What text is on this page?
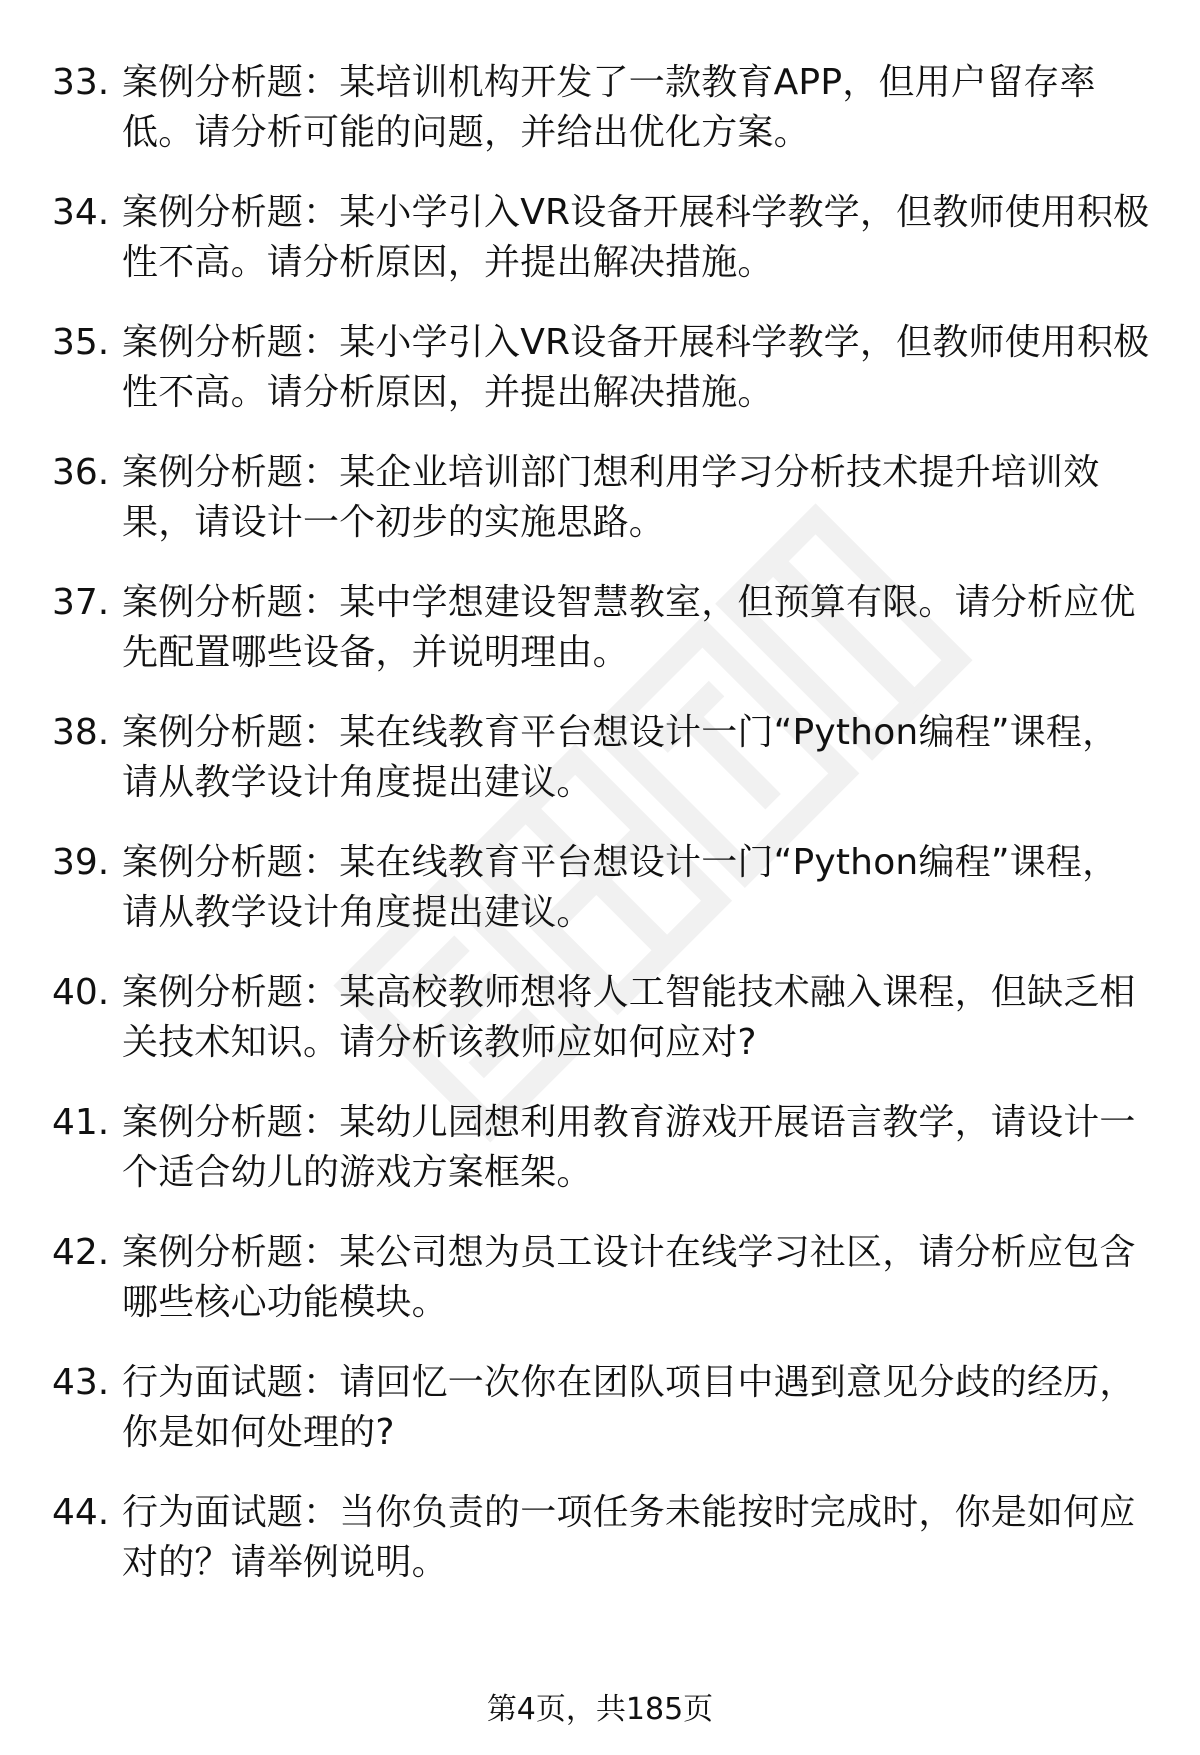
33. 案例分析题：某培训机构开发了一款教育APP，但用户留存率低。请分析可能的问题，并给出优化方案。
34. 案例分析题：某小学引入VR设备开展科学教学，但教师使用积极性不高。请分析原因，并提出解决措施。
35. 案例分析题：某小学引入VR设备开展科学教学，但教师使用积极性不高。请分析原因，并提出解决措施。
36. 案例分析题：某企业培训部门想利用学习分析技术提升培训效果，请设计一个初步的实施思路。
37. 案例分析题：某中学想建设智慧教室，但预算有限。请分析应优先配置哪些设备，并说明理由。
38. 案例分析题：某在线教育平台想设计一门“Python编程”课程，请从教学设计角度提出建议。
39. 案例分析题：某在线教育平台想设计一门“Python编程”课程，请从教学设计角度提出建议。
40. 案例分析题：某高校教师想将人工智能技术融入课程，但缺乏相关技术知识。请分析该教师应如何应对?
41. 案例分析题：某幼儿园想利用教育游戏开展语言教学，请设计一个适合幼儿的游戏方案框架。
42. 案例分析题：某公司想为员工设计在线学习社区，请分析应包含哪些核心功能模块。
43. 行为面试题：请回忆一次你在团队项目中遇到意见分歧的经历，你是如何处理的?
44. 行为面试题：当你负责的一项任务未能按时完成时，你是如何应对的？请举例说明。
第4页，共185页
